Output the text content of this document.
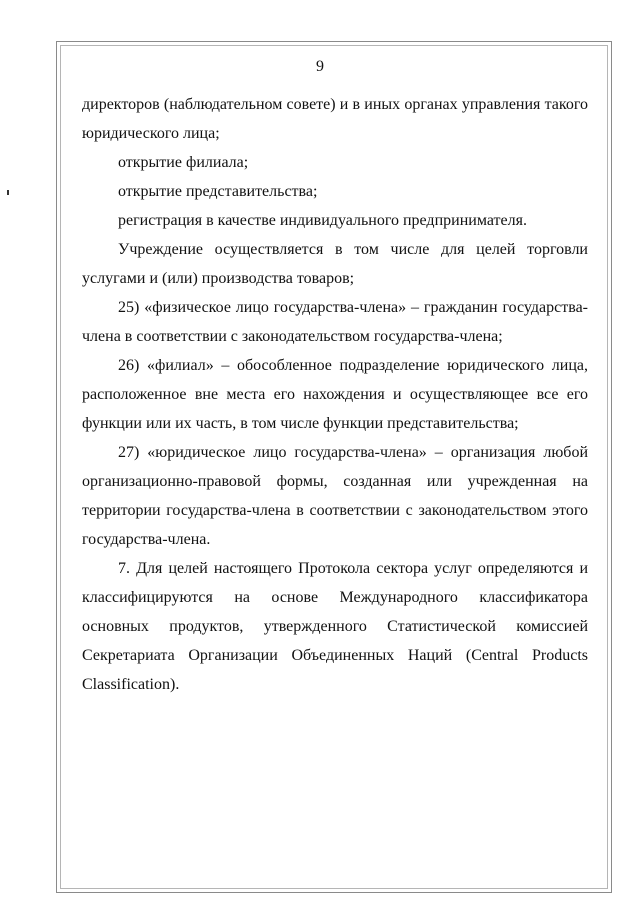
9

директоров (наблюдательном совете) и в иных органах управления такого юридического лица;

открытие филиала;

открытие представительства;

регистрация в качестве индивидуального предпринимателя.

Учреждение осуществляется в том числе для целей торговли услугами и (или) производства товаров;

25) «физическое лицо государства-члена» – гражданин государства-члена в соответствии с законодательством государства-члена;

26) «филиал» – обособленное подразделение юридического лица, расположенное вне места его нахождения и осуществляющее все его функции или их часть, в том числе функции представительства;

27) «юридическое лицо государства-члена» – организация любой организационно-правовой формы, созданная или учрежденная на территории государства-члена в соответствии с законодательством этого государства-члена.

7. Для целей настоящего Протокола сектора услуг определяются и классифицируются на основе Международного классификатора основных продуктов, утвержденного Статистической комиссией Секретариата Организации Объединенных Наций (Central Products Classification).
